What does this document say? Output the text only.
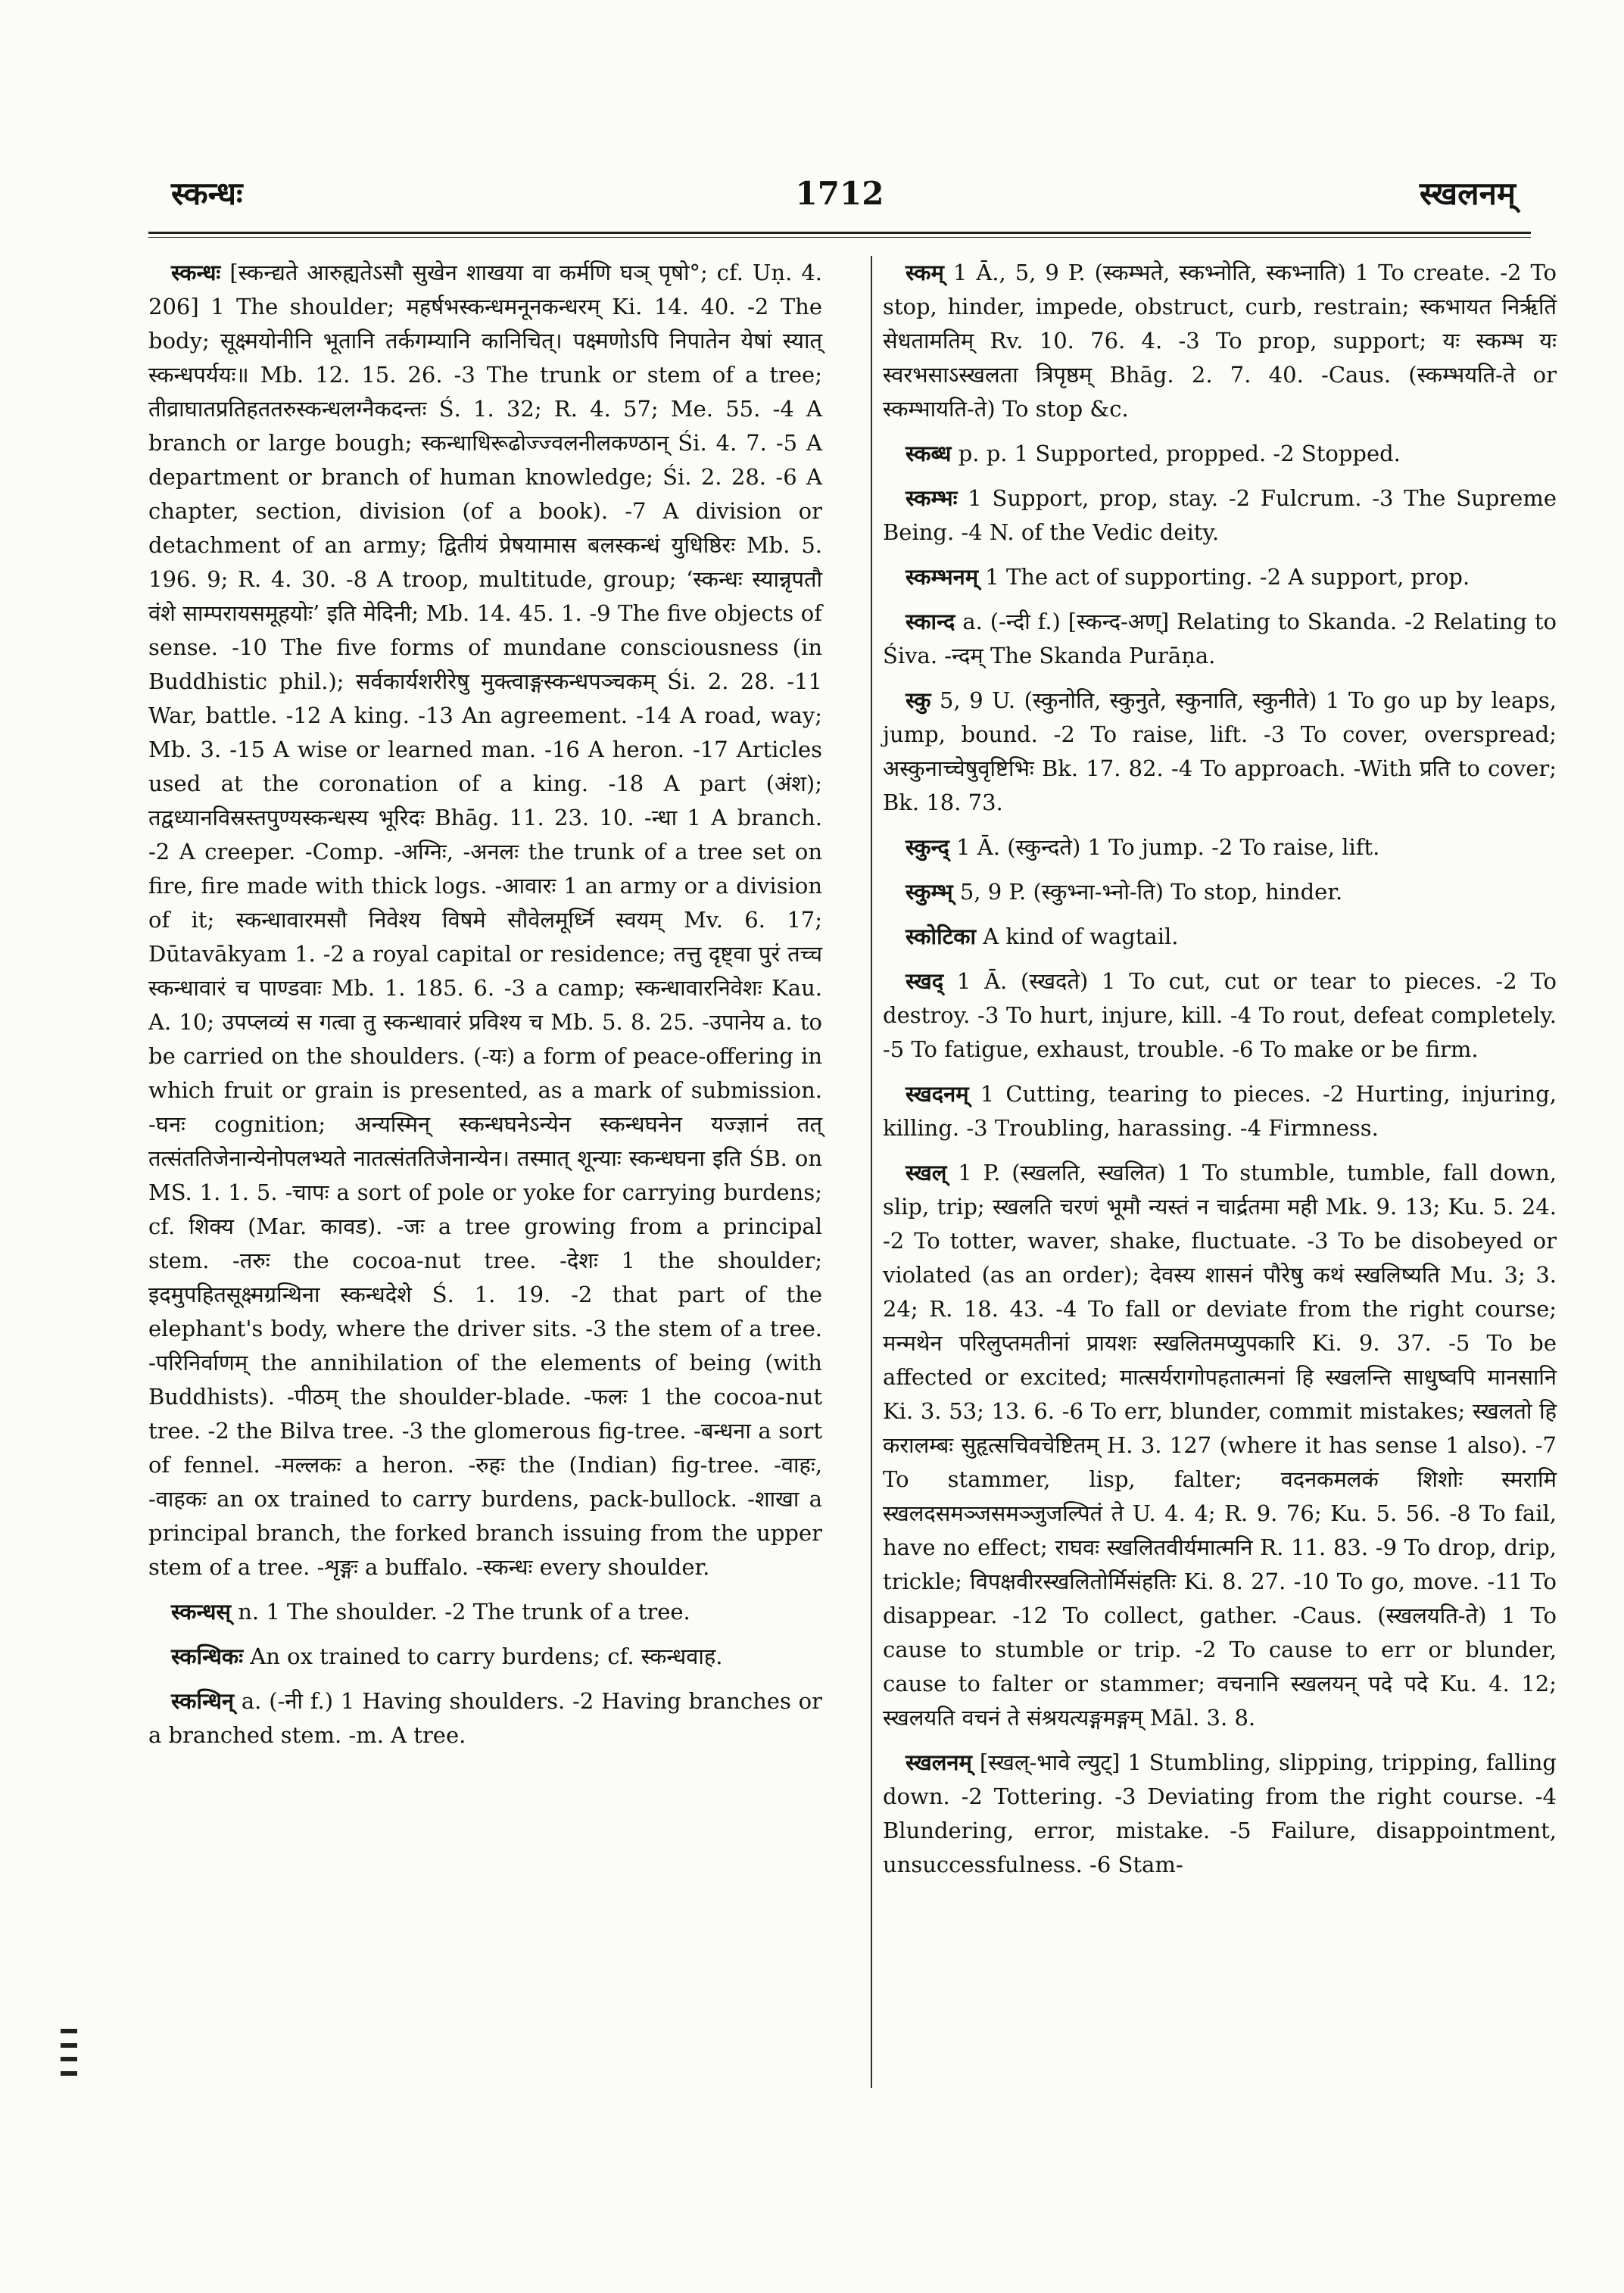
स्कन्धः	1712	स्खलनम्

स्कन्धः [स्कन्द्यते आरुह्यतेऽसौ सुखेन शाखया वा कर्मणि घञ् पृषो°; cf. Uṇ. 4. 206] 1 The shoulder; महर्षभस्कन्धमनूनकन्धरम् Ki. 14. 40. -2 The body; सूक्ष्मयोनीनि भूतानि तर्कगम्यानि कानिचित्। पक्ष्मणोऽपि निपातेन येषां स्यात् स्कन्धपर्ययः॥ Mb. 12. 15. 26. -3 The trunk or stem of a tree; तीव्राघातप्रतिहततरुस्कन्धलग्नैकदन्तः Ś. 1. 32; R. 4. 57; Me. 55. -4 A branch or large bough; स्कन्धाधिरूढोज्ज्वलनीलकण्ठान् Śi. 4. 7. -5 A department or branch of human knowledge; Śi. 2. 28. -6 A chapter, section, division (of a book). -7 A division or detachment of an army; द्वितीयं प्रेषयामास बलस्कन्धं युधिष्ठिरः Mb. 5. 196. 9; R. 4. 30. -8 A troop, multitude, group; ‘स्कन्धः स्यान्नृपतौ वंशे साम्परायसमूहयोः’ इति मेदिनी; Mb. 14. 45. 1. -9 The five objects of sense. -10 The five forms of mundane consciousness (in Buddhistic phil.); सर्वकार्यशरीरेषु मुक्त्वाङ्गस्कन्धपञ्चकम् Śi. 2. 28. -11 War, battle. -12 A king. -13 An agreement. -14 A road, way; Mb. 3. -15 A wise or learned man. -16 A heron. -17 Articles used at the coronation of a king. -18 A part (अंश); तद्वध्यानविस्रस्तपुण्यस्कन्धस्य भूरिदः Bhāg. 11. 23. 10. -न्धा 1 A branch. -2 A creeper. -Comp. -अग्निः, -अनलः the trunk of a tree set on fire, fire made with thick logs. -आवारः 1 an army or a division of it; स्कन्धावारमसौ निवेश्य विषमे सौवेलमूर्ध्नि स्वयम् Mv. 6. 17; Dūtavākyam 1. -2 a royal capital or residence; तत्तु दृष्ट्वा पुरं तच्च स्कन्धावारं च पाण्डवाः Mb. 1. 185. 6. -3 a camp; स्कन्धावारनिवेशः Kau. A. 10; उपप्लव्यं स गत्वा तु स्कन्धावारं प्रविश्य च Mb. 5. 8. 25. -उपानेय a. to be carried on the shoulders. (-यः) a form of peace-offering in which fruit or grain is presented, as a mark of submission. -घनः cognition; अन्यस्मिन् स्कन्धघनेऽन्येन स्कन्धघनेन यज्ज्ञानं तत् तत्संततिजेनान्येनोपलभ्यते नातत्संततिजेनान्येन। तस्मात् शून्याः स्कन्धघना इति ŚB. on MS. 1. 1. 5. -चापः a sort of pole or yoke for carrying burdens; cf. शिक्य (Mar. कावड). -जः a tree growing from a principal stem. -तरुः the cocoa-nut tree. -देशः 1 the shoulder; इदमुपहितसूक्ष्मग्रन्थिना स्कन्धदेशे Ś. 1. 19. -2 that part of the elephant's body, where the driver sits. -3 the stem of a tree. -परिनिर्वाणम् the annihilation of the elements of being (with Buddhists). -पीठम् the shoulder-blade. -फलः 1 the cocoa-nut tree. -2 the Bilva tree. -3 the glomerous fig-tree. -बन्धना a sort of fennel. -मल्लकः a heron. -रुहः the (Indian) fig-tree. -वाहः, -वाहकः an ox trained to carry burdens, pack-bullock. -शाखा a principal branch, the forked branch issuing from the upper stem of a tree. -शृङ्गः a buffalo. -स्कन्धः every shoulder.

स्कन्धस् n. 1 The shoulder. -2 The trunk of a tree.

स्कन्धिकः An ox trained to carry burdens; cf. स्कन्धवाह.

स्कन्धिन् a. (-नी f.) 1 Having shoulders. -2 Having branches or a branched stem. -m. A tree.

स्कम् 1 Ā., 5, 9 P. (स्कम्भते, स्कभ्नोति, स्कभ्नाति) 1 To create. -2 To stop, hinder, impede, obstruct, curb, restrain; स्कभायत निर्ऋतिं सेधतामतिम् Rv. 10. 76. 4. -3 To prop, support; यः स्कम्भ यः स्वरभसाऽस्खलता त्रिपृष्ठम् Bhāg. 2. 7. 40. -Caus. (स्कम्भयति-ते or स्कम्भायति-ते) To stop &c.

स्कब्ध p. p. 1 Supported, propped. -2 Stopped.

स्कम्भः 1 Support, prop, stay. -2 Fulcrum. -3 The Supreme Being. -4 N. of the Vedic deity.

स्कम्भनम् 1 The act of supporting. -2 A support, prop.

स्कान्द a. (-न्दी f.) [स्कन्द-अण्] Relating to Skanda. -2 Relating to Śiva. -न्दम् The Skanda Purāṇa.

स्कु 5, 9 U. (स्कुनोति, स्कुनुते, स्कुनाति, स्कुनीते) 1 To go up by leaps, jump, bound. -2 To raise, lift. -3 To cover, overspread; अस्कुनाच्चेषुवृष्टिभिः Bk. 17. 82. -4 To approach. -With प्रति to cover; Bk. 18. 73.

स्कुन्द् 1 Ā. (स्कुन्दते) 1 To jump. -2 To raise, lift.

स्कुम्भ् 5, 9 P. (स्कुभ्ना-भ्नो-ति) To stop, hinder.

स्कोटिका A kind of wagtail.

स्खद् 1 Ā. (स्खदते) 1 To cut, cut or tear to pieces. -2 To destroy. -3 To hurt, injure, kill. -4 To rout, defeat completely. -5 To fatigue, exhaust, trouble. -6 To make or be firm.

स्खदनम् 1 Cutting, tearing to pieces. -2 Hurting, injuring, killing. -3 Troubling, harassing. -4 Firmness.

स्खल् 1 P. (स्खलति, स्खलित) 1 To stumble, tumble, fall down, slip, trip; स्खलति चरणं भूमौ न्यस्तं न चार्द्रतमा मही Mk. 9. 13; Ku. 5. 24. -2 To totter, waver, shake, fluctuate. -3 To be disobeyed or violated (as an order); देवस्य शासनं पौरेषु कथं स्खलिष्यति Mu. 3; 3. 24; R. 18. 43. -4 To fall or deviate from the right course; मन्मथेन परिलुप्तमतीनां प्रायशः स्खलितमप्युपकारि Ki. 9. 37. -5 To be affected or excited; मात्सर्यरागोपहतात्मनां हि स्खलन्ति साधुष्वपि मानसानि Ki. 3. 53; 13. 6. -6 To err, blunder, commit mistakes; स्खलतो हि करालम्बः सुहृत्सचिवचेष्टितम् H. 3. 127 (where it has sense 1 also). -7 To stammer, lisp, falter; वदनकमलकं शिशोः स्मरामि स्खलदसमञ्जसमञ्जुजल्पितं ते U. 4. 4; R. 9. 76; Ku. 5. 56. -8 To fail, have no effect; राघवः स्खलितवीर्यमात्मनि R. 11. 83. -9 To drop, drip, trickle; विपक्षवीरस्खलितोर्मिसंहतिः Ki. 8. 27. -10 To go, move. -11 To disappear. -12 To collect, gather. -Caus. (स्खलयति-ते) 1 To cause to stumble or trip. -2 To cause to err or blunder, cause to falter or stammer; वचनानि स्खलयन् पदे पदे Ku. 4. 12; स्खलयति वचनं ते संश्रयत्यङ्गमङ्गम् Māl. 3. 8.

स्खलनम् [स्खल्-भावे ल्युट्] 1 Stumbling, slipping, tripping, falling down. -2 Tottering. -3 Deviating from the right course. -4 Blundering, error, mistake. -5 Failure, disappointment, unsuccessfulness. -6 Stam-
